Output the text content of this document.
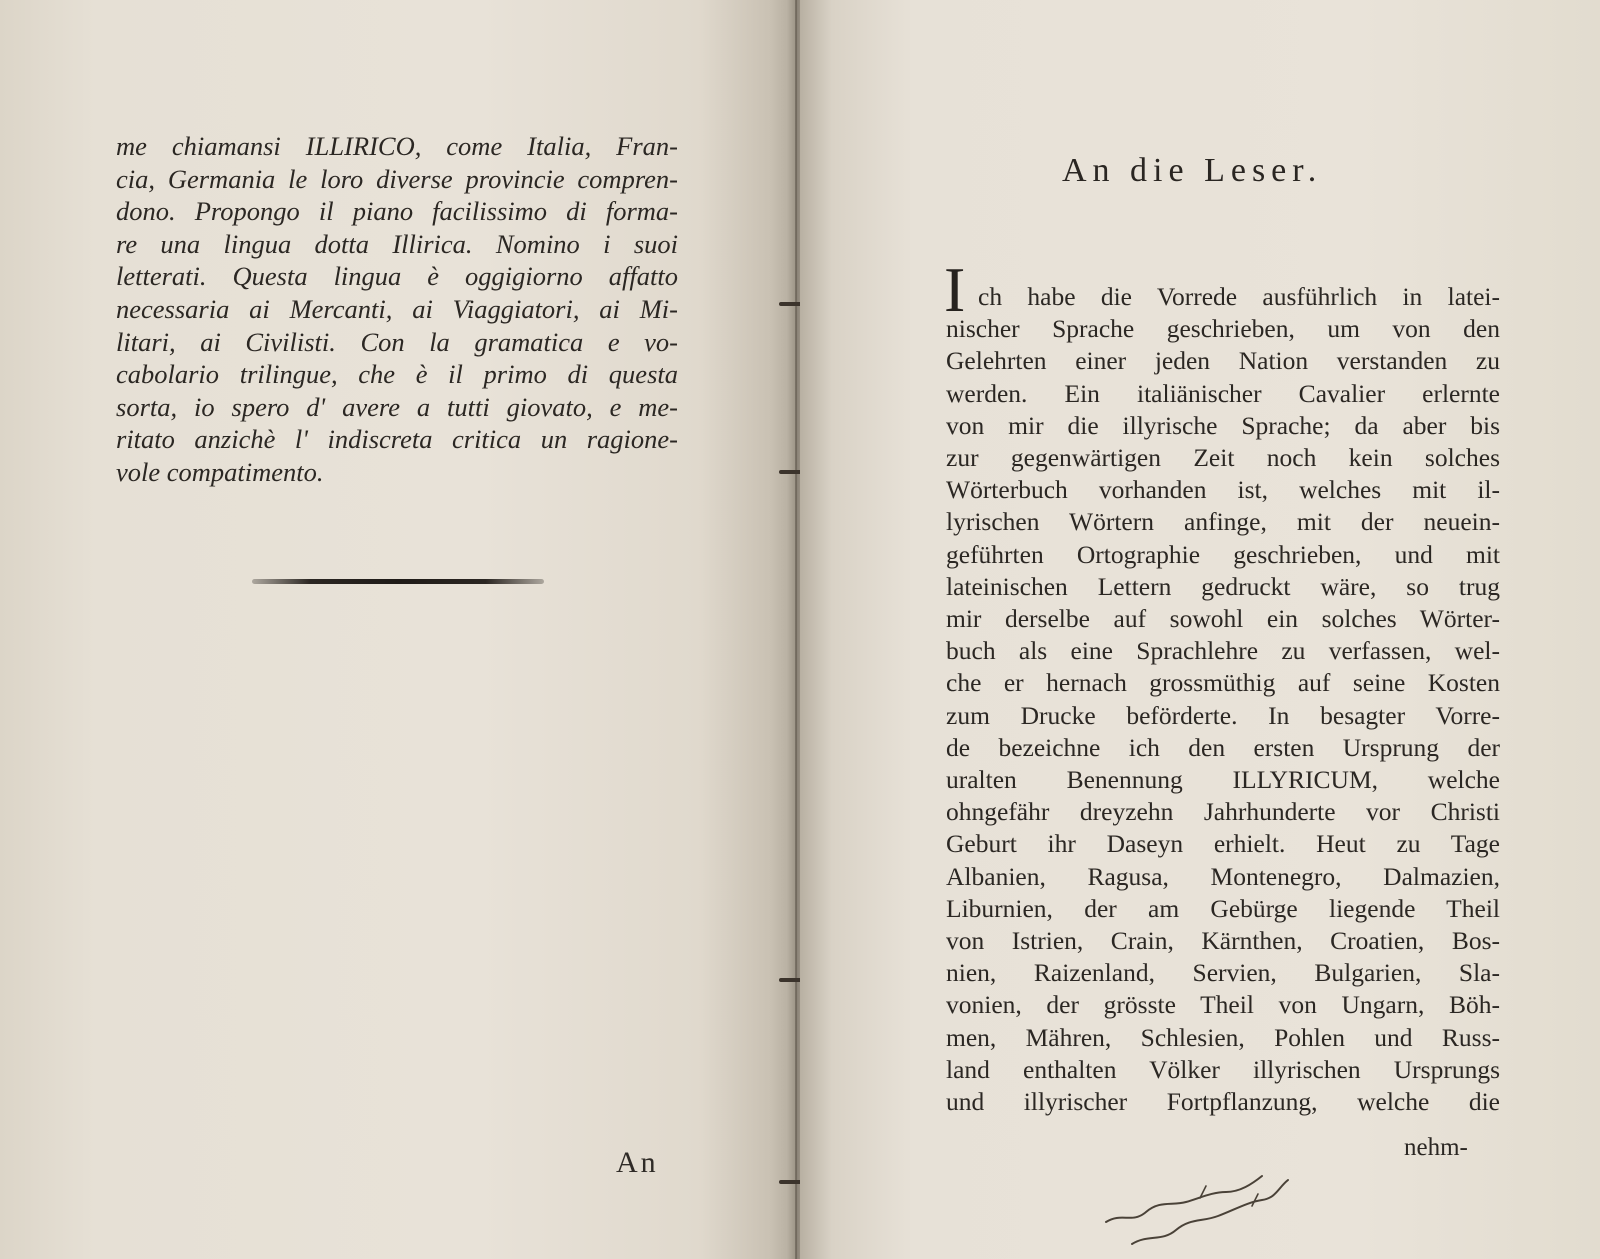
me chiamansi ILLIRICO, come Italia, Fran-
cia, Germania le loro diverse provincie compren-
dono. Propongo il piano facilissimo di forma-
re una lingua dotta Illirica. Nomino i suoi
letterati. Questa lingua è oggigiorno affatto
necessaria ai Mercanti, ai Viaggiatori, ai Mi-
litari, ai Civilisti. Con la gramatica e vo-
cabolario trilingue, che è il primo di questa
sorta, io spero d' avere a tutti giovato, e me-
ritato anzichè l' indiscreta critica un ragione-
vole compatimento.
An
An die Leser.
I ch habe die Vorrede ausführlich in latei-
nischer Sprache geschrieben, um von den
Gelehrten einer jeden Nation verstanden zu
werden. Ein italiänischer Cavalier erlernte
von mir die illyrische Sprache; da aber bis
zur gegenwärtigen Zeit noch kein solches
Wörterbuch vorhanden ist, welches mit il-
lyrischen Wörtern anfinge, mit der neuein-
geführten Ortographie geschrieben, und mit
lateinischen Lettern gedruckt wäre, so trug
mir derselbe auf sowohl ein solches Wörter-
buch als eine Sprachlehre zu verfassen, wel-
che er hernach grossmüthig auf seine Kosten
zum Drucke beförderte. In besagter Vorre-
de bezeichne ich den ersten Ursprung der
uralten Benennung ILLYRICUM, welche
ohngefähr dreyzehn Jahrhunderte vor Christi
Geburt ihr Daseyn erhielt. Heut zu Tage
Albanien, Ragusa, Montenegro, Dalmazien,
Liburnien, der am Gebürge liegende Theil
von Istrien, Crain, Kärnthen, Croatien, Bos-
nien, Raizenland, Servien, Bulgarien, Sla-
vonien, der grösste Theil von Ungarn, Böh-
men, Mähren, Schlesien, Pohlen und Russ-
land enthalten Völker illyrischen Ursprungs
und illyrischer Fortpflanzung, welche die
nehm-
